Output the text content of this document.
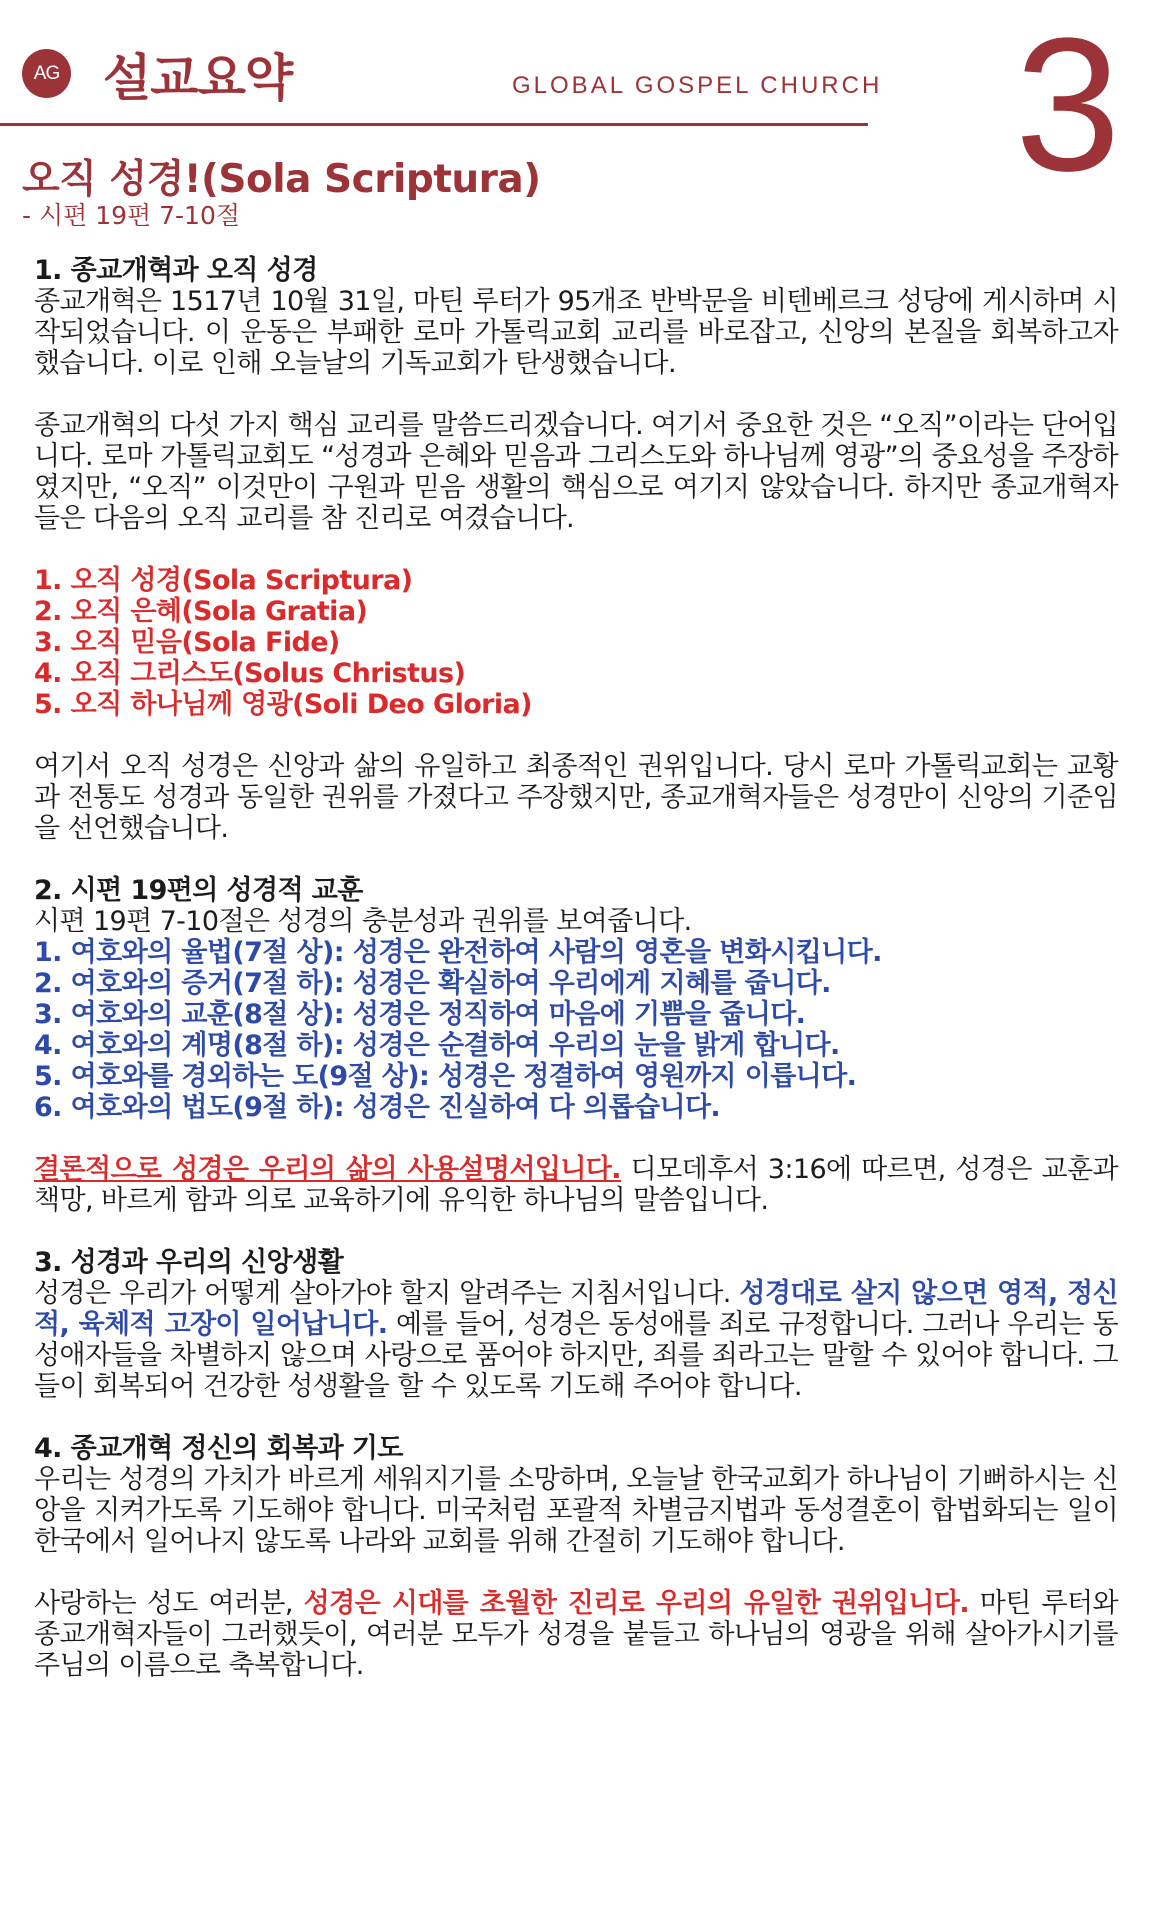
AG 설교요약	GLOBAL GOSPEL CHURCH 3
오직 성경!(Sola Scriptura)
- 시편 19편 7-10절

1. 종교개혁과 오직 성경

종교개혁은 1517년 10월 31일, 마틴 루터가 95개조 반박문을 비텐베르크 성당에 게시하며 시작되었습니다. 이 운동은 부패한 로마 가톨릭교회 교리를 바로잡고, 신앙의 본질을 회복하고자 했습니다. 이로 인해 오늘날의 기독교회가 탄생했습니다.

종교개혁의 다섯 가지 핵심 교리를 말씀드리겠습니다. 여기서 중요한 것은 “오직”이라는 단어입니다. 로마 가톨릭교회도 “성경과 은혜와 믿음과 그리스도와 하나님께 영광”의 중요성을 주장하였지만, “오직” 이것만이 구원과 믿음 생활의 핵심으로 여기지 않았습니다. 하지만 종교개혁자들은 다음의 오직 교리를 참 진리로 여겼습니다.

1. 오직 성경(Sola Scriptura)
2. 오직 은혜(Sola Gratia)
3. 오직 믿음(Sola Fide)
4. 오직 그리스도(Solus Christus)
5. 오직 하나님께 영광(Soli Deo Gloria)

여기서 오직 성경은 신앙과 삶의 유일하고 최종적인 권위입니다. 당시 로마 가톨릭교회는 교황과 전통도 성경과 동일한 권위를 가졌다고 주장했지만, 종교개혁자들은 성경만이 신앙의 기준임을 선언했습니다.

2. 시편 19편의 성경적 교훈

시편 19편 7-10절은 성경의 충분성과 권위를 보여줍니다.

1. 여호와의 율법(7절 상): 성경은 완전하여 사람의 영혼을 변화시킵니다.
2. 여호와의 증거(7절 하): 성경은 확실하여 우리에게 지혜를 줍니다.
3. 여호와의 교훈(8절 상): 성경은 정직하여 마음에 기쁨을 줍니다.
4. 여호와의 계명(8절 하): 성경은 순결하여 우리의 눈을 밝게 합니다.
5. 여호와를 경외하는 도(9절 상): 성경은 정결하여 영원까지 이릅니다.
6. 여호와의 법도(9절 하): 성경은 진실하여 다 의롭습니다.

결론적으로 성경은 우리의 삶의 사용설명서입니다. 디모데후서 3:16에 따르면, 성경은 교훈과 책망, 바르게 함과 의로 교육하기에 유익한 하나님의 말씀입니다.

3. 성경과 우리의 신앙생활

성경은 우리가 어떻게 살아가야 할지 알려주는 지침서입니다. 성경대로 살지 않으면 영적, 정신적, 육체적 고장이 일어납니다. 예를 들어, 성경은 동성애를 죄로 규정합니다. 그러나 우리는 동성애자들을 차별하지 않으며 사랑으로 품어야 하지만, 죄를 죄라고는 말할 수 있어야 합니다. 그들이 회복되어 건강한 성생활을 할 수 있도록 기도해 주어야 합니다.

4. 종교개혁 정신의 회복과 기도

우리는 성경의 가치가 바르게 세워지기를 소망하며, 오늘날 한국교회가 하나님이 기뻐하시는 신앙을 지켜가도록 기도해야 합니다. 미국처럼 포괄적 차별금지법과 동성결혼이 합법화되는 일이 한국에서 일어나지 않도록 나라와 교회를 위해 간절히 기도해야 합니다.

사랑하는 성도 여러분, 성경은 시대를 초월한 진리로 우리의 유일한 권위입니다. 마틴 루터와 종교개혁자들이 그러했듯이, 여러분 모두가 성경을 붙들고 하나님의 영광을 위해 살아가시기를 주님의 이름으로 축복합니다.
